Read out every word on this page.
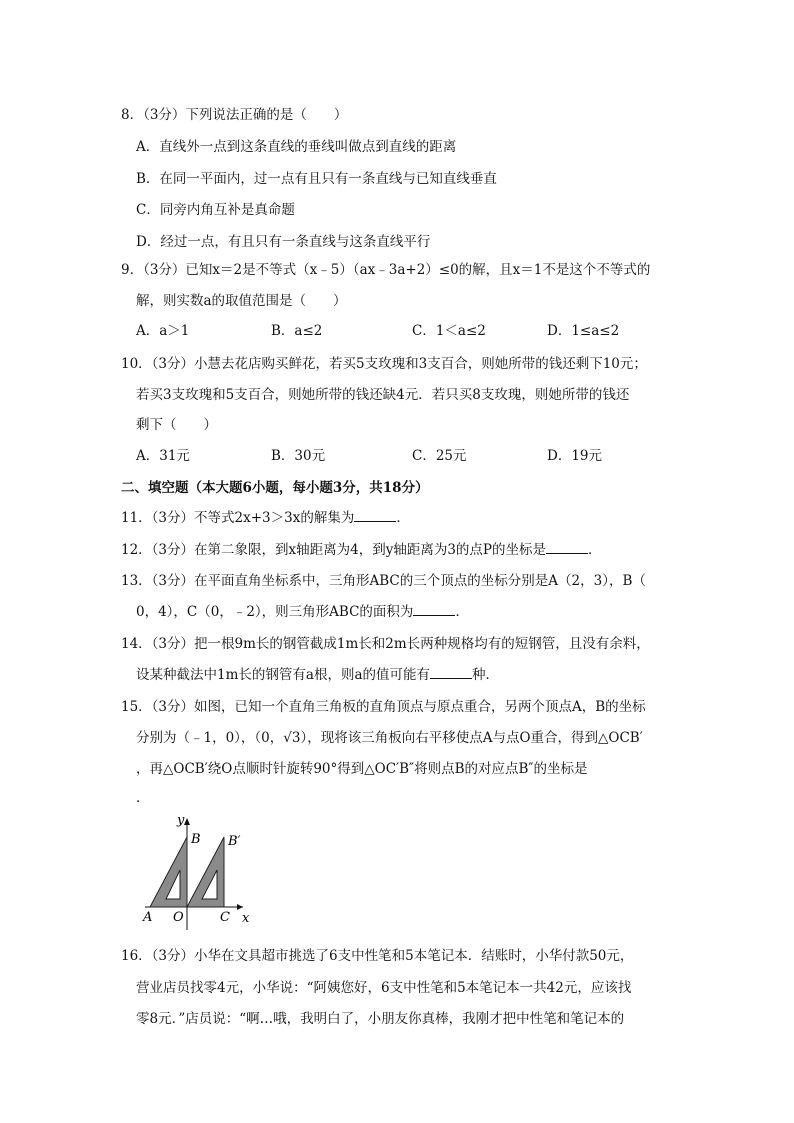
8．（3分）下列说法正确的是（　　）
A．直线外一点到这条直线的垂线叫做点到直线的距离
B．在同一平面内，过一点有且只有一条直线与已知直线垂直
C．同旁内角互补是真命题
D．经过一点，有且只有一条直线与这条直线平行
9．（3分）已知x＝2是不等式（x﹣5）（ax﹣3a+2）≤0的解，且x＝1不是这个不等式的
解，则实数a的取值范围是（　　）
A．a＞1	B．a≤2	C．1＜a≤2	D．1≤a≤2
10．（3分）小慧去花店购买鲜花，若买5支玫瑰和3支百合，则她所带的钱还剩下10元；
若买3支玫瑰和5支百合，则她所带的钱还缺4元．若只买8支玫瑰，则她所带的钱还
剩下（　　）
A．31元	B．30元	C．25元	D．19元
二、填空题（本大题6小题，每小题3分，共18分）
11．（3分）不等式2x+3＞3x的解集为	．
12．（3分）在第二象限，到x轴距离为4，到y轴距离为3的点P的坐标是	．
13．（3分）在平面直角坐标系中，三角形ABC的三个顶点的坐标分别是A（2，3），B（
0，4），C（0，﹣2），则三角形ABC的面积为	．
14．（3分）把一根9m长的钢管截成1m长和2m长两种规格均有的短钢管，且没有余料，
设某种截法中1m长的钢管有a根，则a的值可能有	种．
15．（3分）如图，已知一个直角三角板的直角顶点与原点重合，另两个顶点A，B的坐标
分别为（﹣1，0），（0，√3），现将该三角板向右平移使点A与点O重合，得到△OCB′
，再△OCB′绕O点顺时针旋转90°得到△OC′B″将则点B的对应点B″的坐标是
．
y
x
B B′
A O	C
16．（3分）小华在文具超市挑选了6支中性笔和5本笔记本．结账时，小华付款50元，
营业店员找零4元，小华说：“阿姨您好，6支中性笔和5本笔记本一共42元，应该找
零8元．”店员说：“啊…哦，我明白了，小朋友你真棒，我刚才把中性笔和笔记本的
